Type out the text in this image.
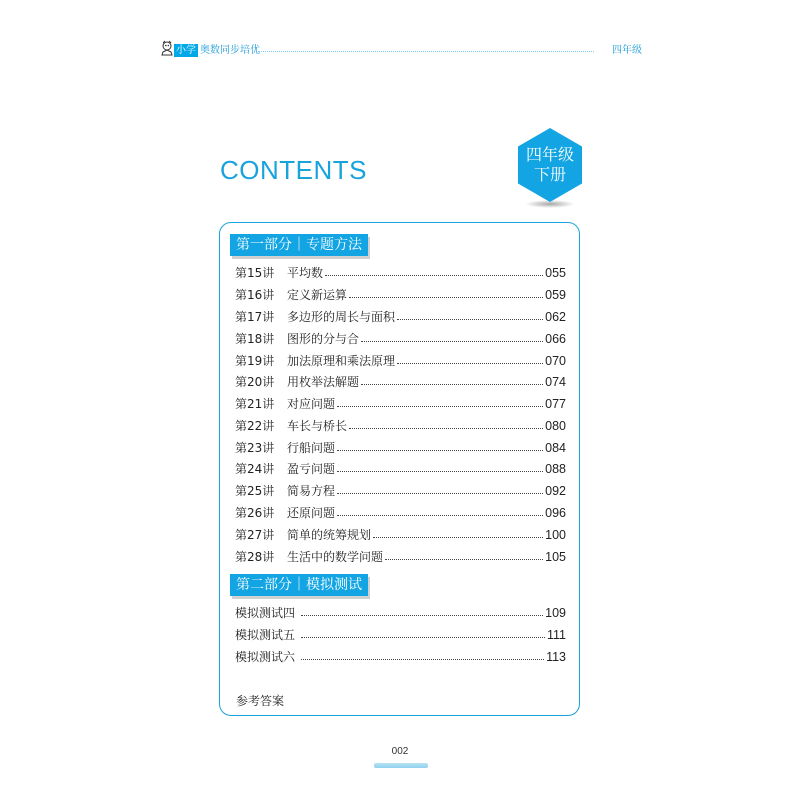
小学 奥数同步培优	四年级
CONTENTS
四年级
下册
第一部分｜专题方法
第15讲	平均数	055
第16讲	定义新运算	059
第17讲	多边形的周长与面积	062
第18讲	图形的分与合	066
第19讲	加法原理和乘法原理	070
第20讲	用枚举法解题	074
第21讲	对应问题	077
第22讲	车长与桥长	080
第23讲	行船问题	084
第24讲	盈亏问题	088
第25讲	简易方程	092
第26讲	还原问题	096
第27讲	简单的统筹规划	100
第28讲	生活中的数学问题	105
第二部分｜模拟测试
模拟测试四	109
模拟测试五	111
模拟测试六	113
参考答案
002
